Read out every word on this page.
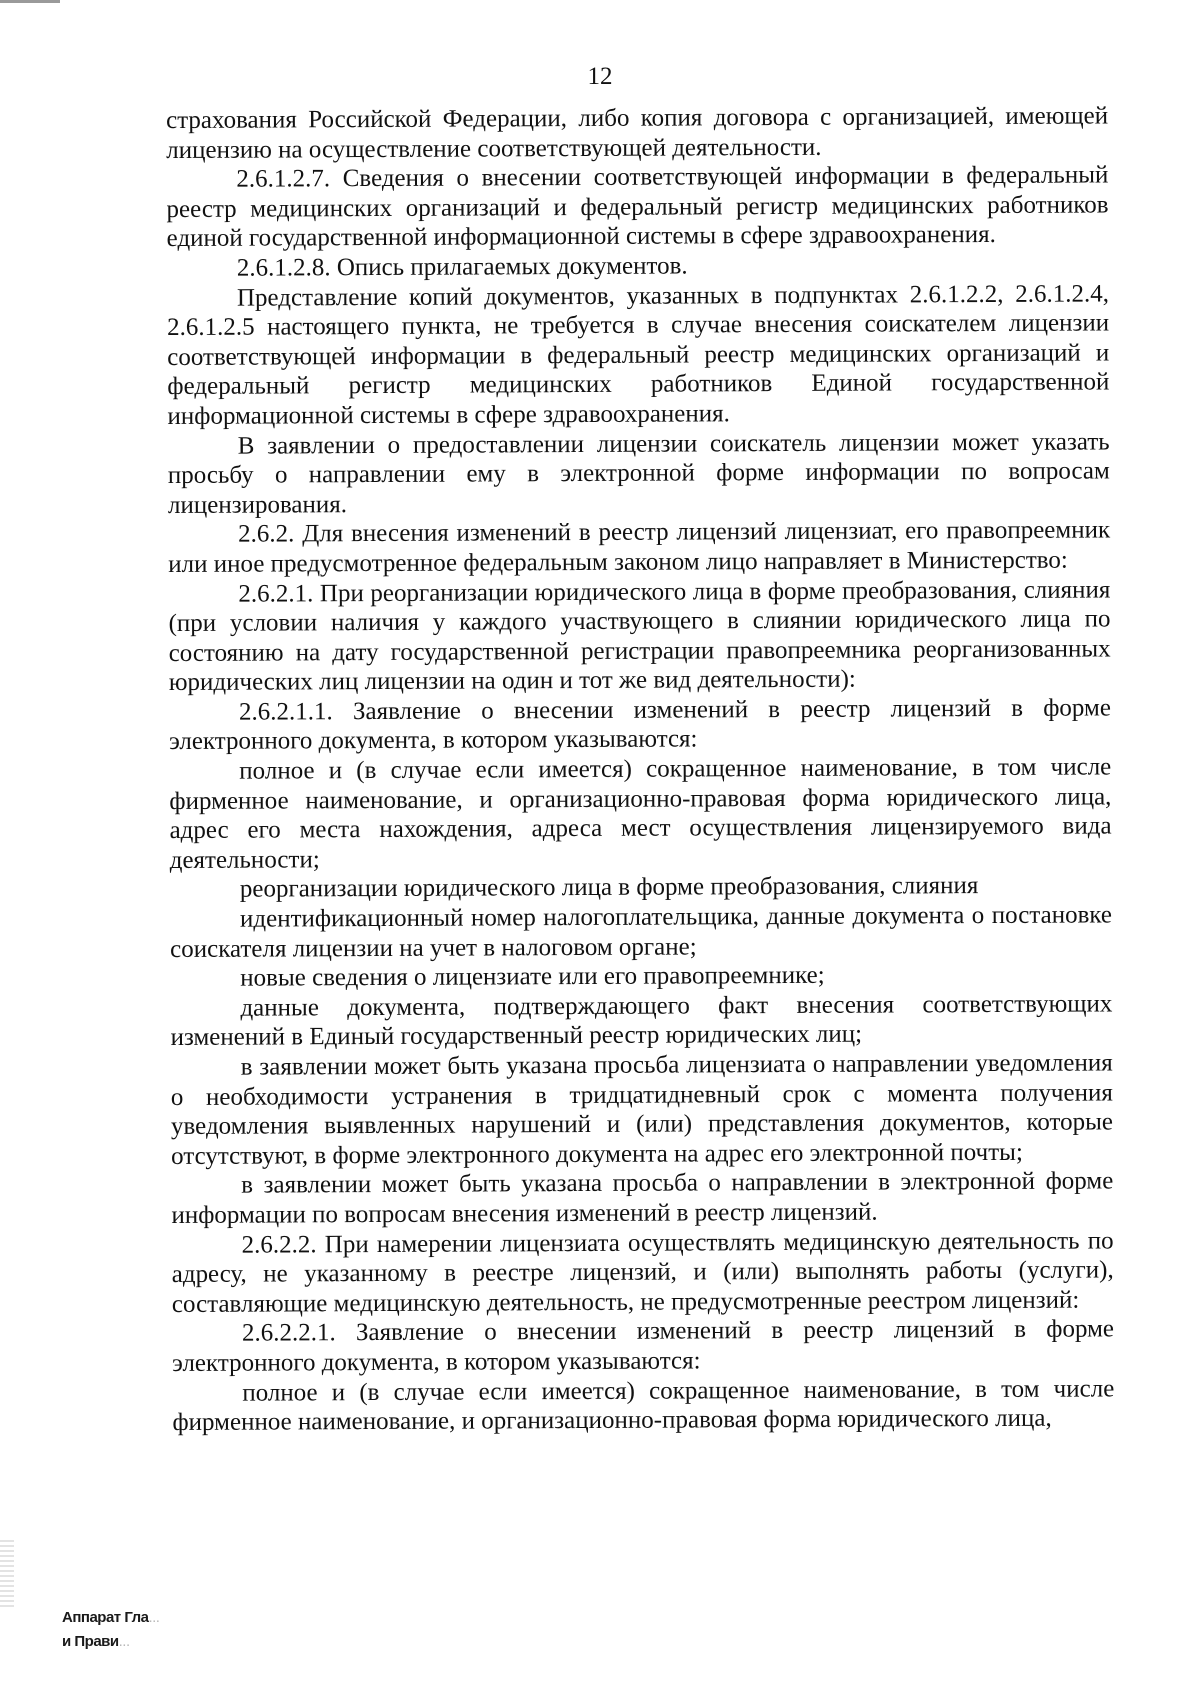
12

страхования Российской Федерации, либо копия договора с организацией, имеющей лицензию на осуществление соответствующей деятельности.

2.6.1.2.7. Сведения о внесении соответствующей информации в федеральный реестр медицинских организаций и федеральный регистр медицинских работников единой государственной информационной системы в сфере здравоохранения.

2.6.1.2.8. Опись прилагаемых документов.

Представление копий документов, указанных в подпунктах 2.6.1.2.2, 2.6.1.2.4, 2.6.1.2.5 настоящего пункта, не требуется в случае внесения соискателем лицензии соответствующей информации в федеральный реестр медицинских организаций и федеральный регистр медицинских работников Единой государственной информационной системы в сфере здравоохранения.

В заявлении о предоставлении лицензии соискатель лицензии может указать просьбу о направлении ему в электронной форме информации по вопросам лицензирования.

2.6.2. Для внесения изменений в реестр лицензий лицензиат, его правопреемник или иное предусмотренное федеральным законом лицо направляет в Министерство:

2.6.2.1. При реорганизации юридического лица в форме преобразования, слияния (при условии наличия у каждого участвующего в слиянии юридического лица по состоянию на дату государственной регистрации правопреемника реорганизованных юридических лиц лицензии на один и тот же вид деятельности):

2.6.2.1.1. Заявление о внесении изменений в реестр лицензий в форме электронного документа, в котором указываются:

полное и (в случае если имеется) сокращенное наименование, в том числе фирменное наименование, и организационно-правовая форма юридического лица, адрес его места нахождения, адреса мест осуществления лицензируемого вида деятельности;

реорганизации юридического лица в форме преобразования, слияния

идентификационный номер налогоплательщика, данные документа о постановке соискателя лицензии на учет в налоговом органе;

новые сведения о лицензиате или его правопреемнике;

данные документа, подтверждающего факт внесения соответствующих изменений в Единый государственный реестр юридических лиц;

в заявлении может быть указана просьба лицензиата о направлении уведомления о необходимости устранения в тридцатидневный срок с момента получения уведомления выявленных нарушений и (или) представления документов, которые отсутствуют, в форме электронного документа на адрес его электронной почты;

в заявлении может быть указана просьба о направлении в электронной форме информации по вопросам внесения изменений в реестр лицензий.

2.6.2.2. При намерении лицензиата осуществлять медицинскую деятельность по адресу, не указанному в реестре лицензий, и (или) выполнять работы (услуги), составляющие медицинскую деятельность, не предусмотренные реестром лицензий:

2.6.2.2.1. Заявление о внесении изменений в реестр лицензий в форме электронного документа, в котором указываются:

полное и (в случае если имеется) сокращенное наименование, в том числе фирменное наименование, и организационно-правовая форма юридического лица,

Аппарат Гла...
и Прави...
